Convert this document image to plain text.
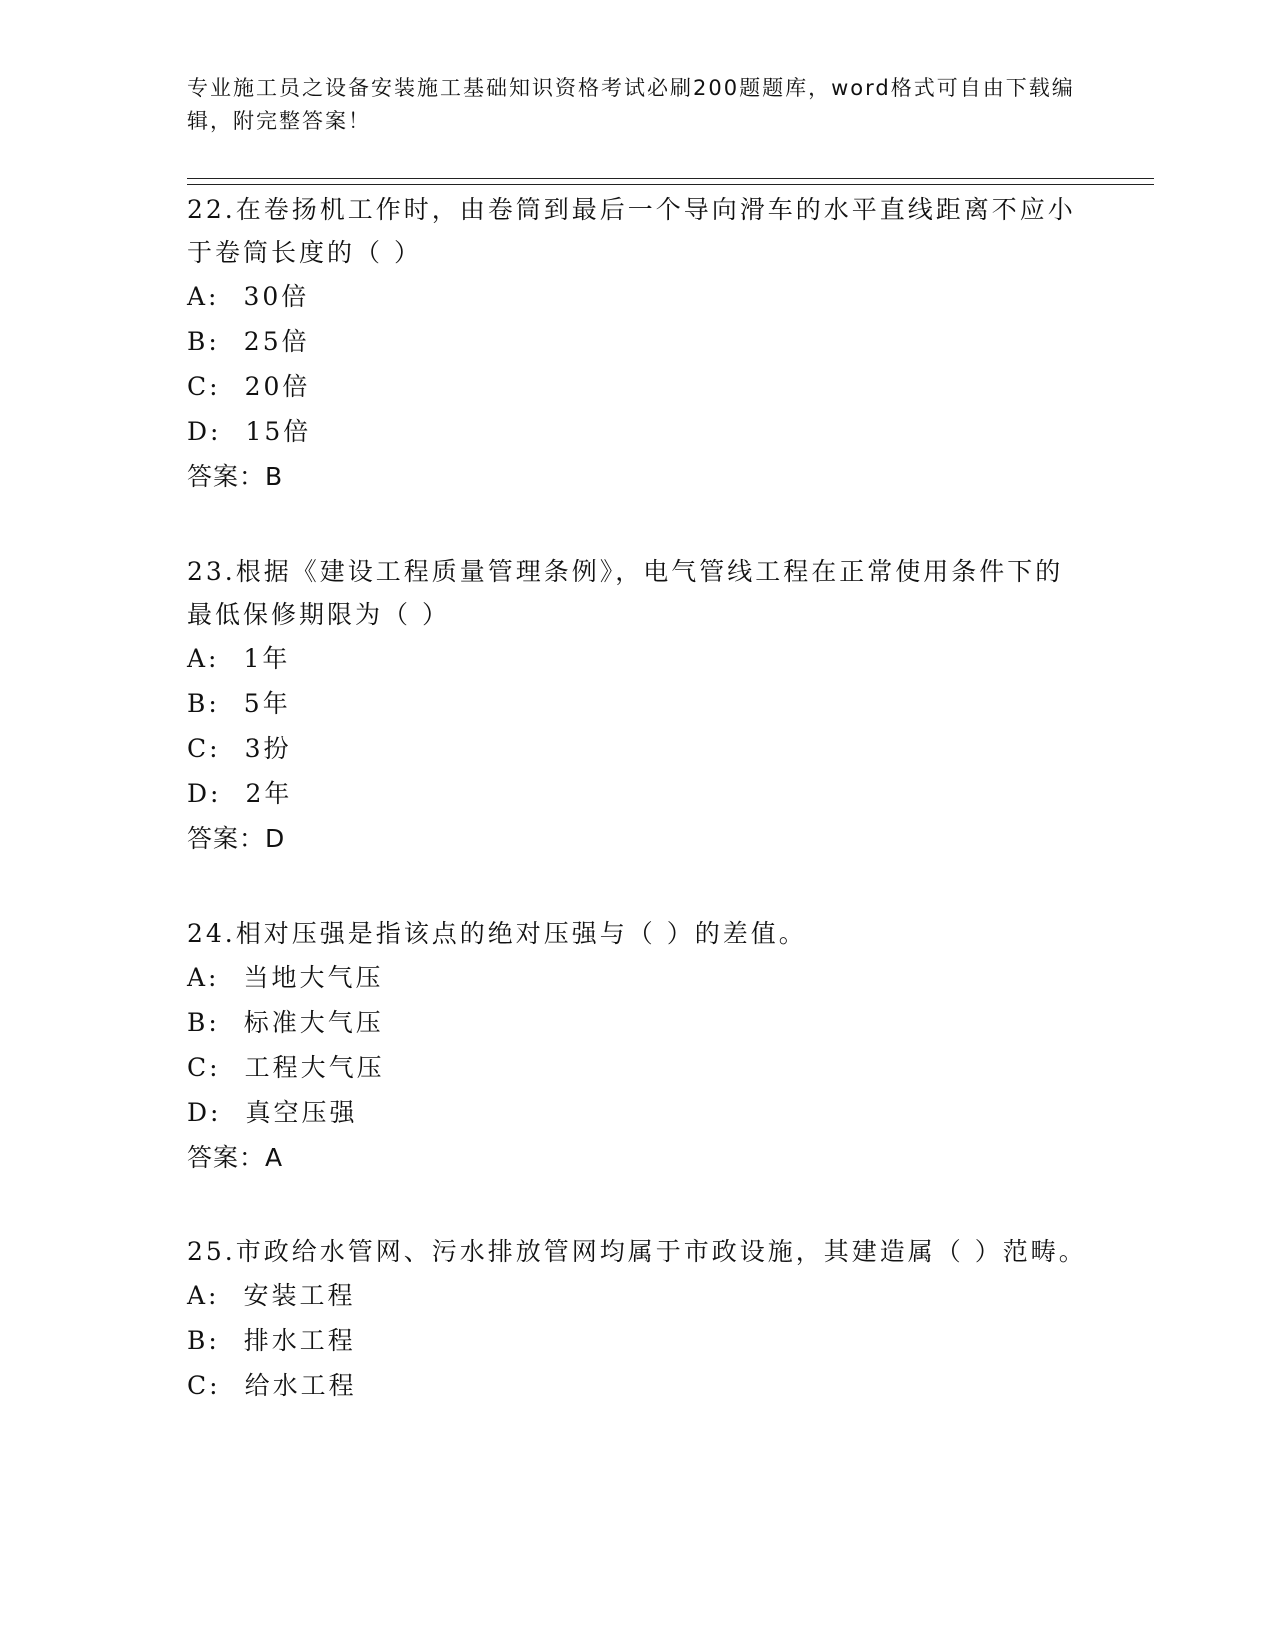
专业施工员之设备安装施工基础知识资格考试必刷200题题库，word格式可自由下载编辑，附完整答案！

22.在卷扬机工作时，由卷筒到最后一个导向滑车的水平直线距离不应小于卷筒长度的（ ）

A: 30倍

B: 25倍

C: 20倍

D: 15倍

答案：B

23.根据《建设工程质量管理条例》，电气管线工程在正常使用条件下的最低保修期限为（ ）

A: 1年

B: 5年

C: 3扮

D: 2年

答案：D

24.相对压强是指该点的绝对压强与（ ）的差值。

A: 当地大气压

B: 标准大气压

C: 工程大气压

D: 真空压强

答案：A

25.市政给水管网、污水排放管网均属于市政设施，其建造属（ ）范畴。

A: 安装工程

B: 排水工程

C: 给水工程
